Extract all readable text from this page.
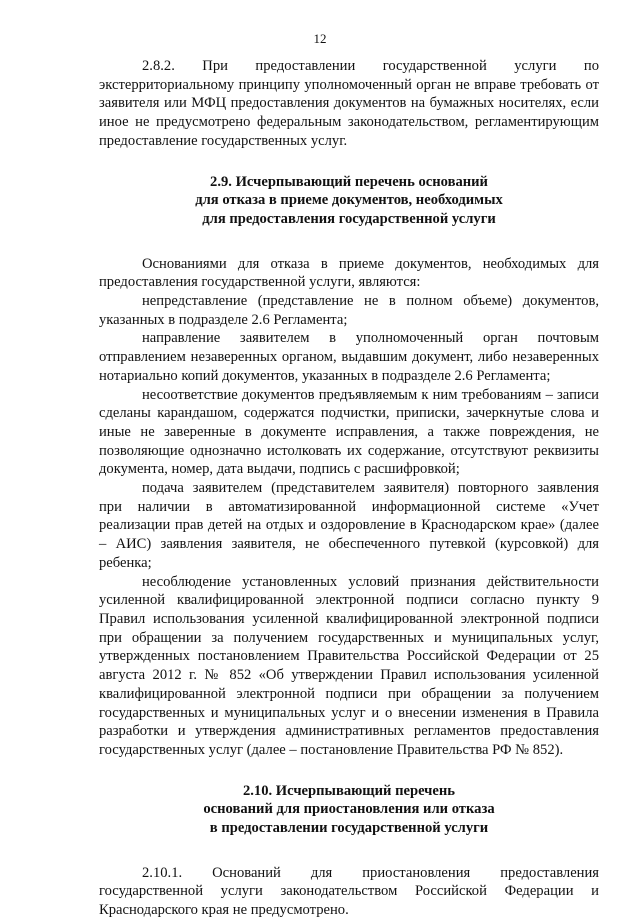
12

2.8.2. При предоставлении государственной услуги по экстерриториальному принципу уполномоченный орган не вправе требовать от заявителя или МФЦ предоставления документов на бумажных носителях, если иное не предусмотрено федеральным законодательством, регламентирующим предоставление государственных услуг.

2.9. Исчерпывающий перечень оснований
для отказа в приеме документов, необходимых
для предоставления государственной услуги

Основаниями для отказа в приеме документов, необходимых для предоставления государственной услуги, являются:

непредставление (представление не в полном объеме) документов, указанных в подразделе 2.6 Регламента;

направление заявителем в уполномоченный орган почтовым отправлением незаверенных органом, выдавшим документ, либо незаверенных нотариально копий документов, указанных в подразделе 2.6 Регламента;

несоответствие документов предъявляемым к ним требованиям – записи сделаны карандашом, содержатся подчистки, приписки, зачеркнутые слова и иные не заверенные в документе исправления, а также повреждения, не позволяющие однозначно истолковать их содержание, отсутствуют реквизиты документа, номер, дата выдачи, подпись с расшифровкой;

подача заявителем (представителем заявителя) повторного заявления при наличии в автоматизированной информационной системе «Учет реализации прав детей на отдых и оздоровление в Краснодарском крае» (далее – АИС) заявления заявителя, не обеспеченного путевкой (курсовкой) для ребенка;

несоблюдение установленных условий признания действительности усиленной квалифицированной электронной подписи согласно пункту 9 Правил использования усиленной квалифицированной электронной подписи при обращении за получением государственных и муниципальных услуг, утвержденных постановлением Правительства Российской Федерации от 25 августа 2012 г. № 852 «Об утверждении Правил использования усиленной квалифицированной электронной подписи при обращении за получением государственных и муниципальных услуг и о внесении изменения в Правила разработки и утверждения административных регламентов предоставления государственных услуг (далее – постановление Правительства РФ № 852).

2.10. Исчерпывающий перечень
оснований для приостановления или отказа
в предоставлении государственной услуги

2.10.1. Оснований для приостановления предоставления государственной услуги законодательством Российской Федерации и Краснодарского края не предусмотрено.
